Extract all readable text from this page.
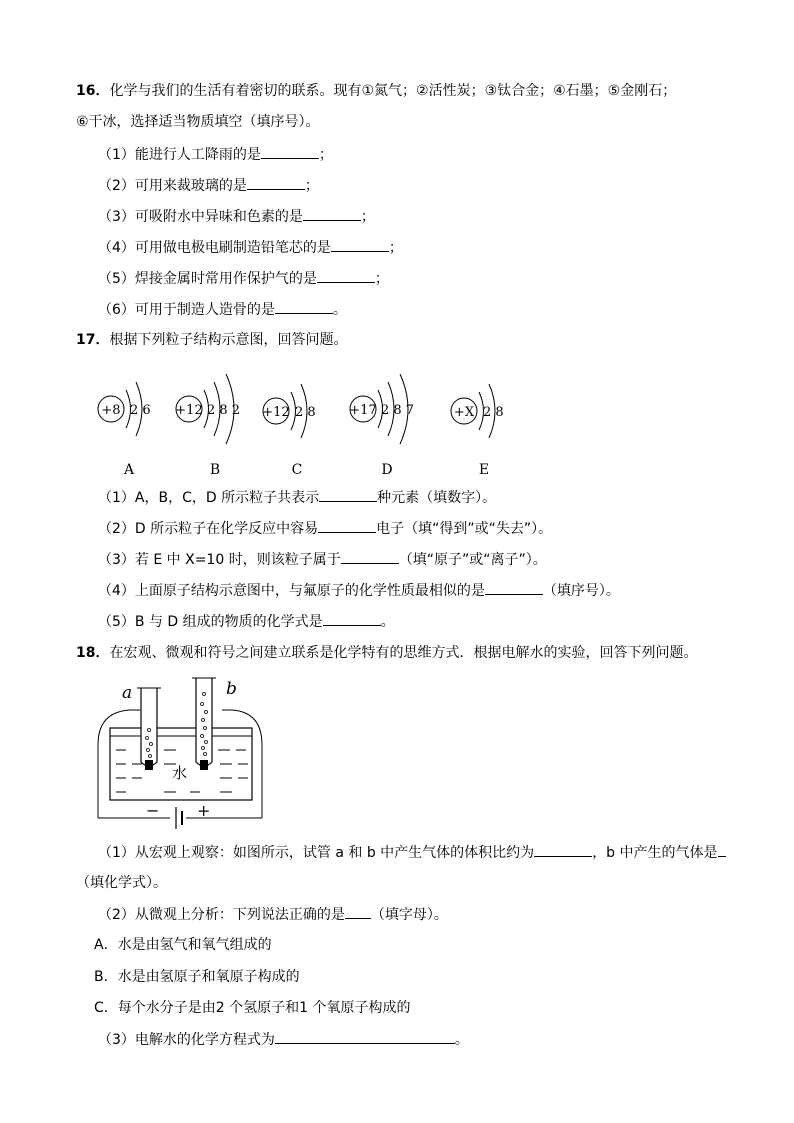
16．化学与我们的生活有着密切的联系。现有①氮气；②活性炭；③钛合金；④石墨；⑤金刚石；
⑥干冰，选择适当物质填空（填序号）。
（1）能进行人工降雨的是	；
（2）可用来裁玻璃的是	；
（3）可吸附水中异味和色素的是	；
（4）可用做电极电刷制造铅笔芯的是	；
（5）焊接金属时常用作保护气的是	；
（6）可用于制造人造骨的是	。
17．根据下列粒子结构示意图，回答问题。
+8 2 6 +12 2 8 2 +12 2 8	+17 2 8 7	+X 2 8
A	B	C	D	E
（1）A，B，C，D 所示粒子共表示	种元素（填数字）。
（2）D 所示粒子在化学反应中容易	电子（填“得到”或“失去”）。
（3）若 E 中 X=10 时，则该粒子属于	（填“原子”或“离子”）。
（4）上面原子结构示意图中，与氟原子的化学性质最相似的是	（填序号）。
（5）B 与 D 组成的物质的化学式是	。
18．在宏观、微观和符号之间建立联系是化学特有的思维方式．根据电解水的实验，回答下列问题。
− +
水
a	b
（1）从宏观上观察：如图所示，试管 a 和 b 中产生气体的体积比约为	，b 中产生的气体是
（填化学式）。
（2）从微观上分析：下列说法正确的是 （填字母）。
A．水是由氢气和氧气组成的
B．水是由氢原子和氧原子构成的
C．每个水分子是由2 个氢原子和1 个氧原子构成的
（3）电解水的化学方程式为	。
